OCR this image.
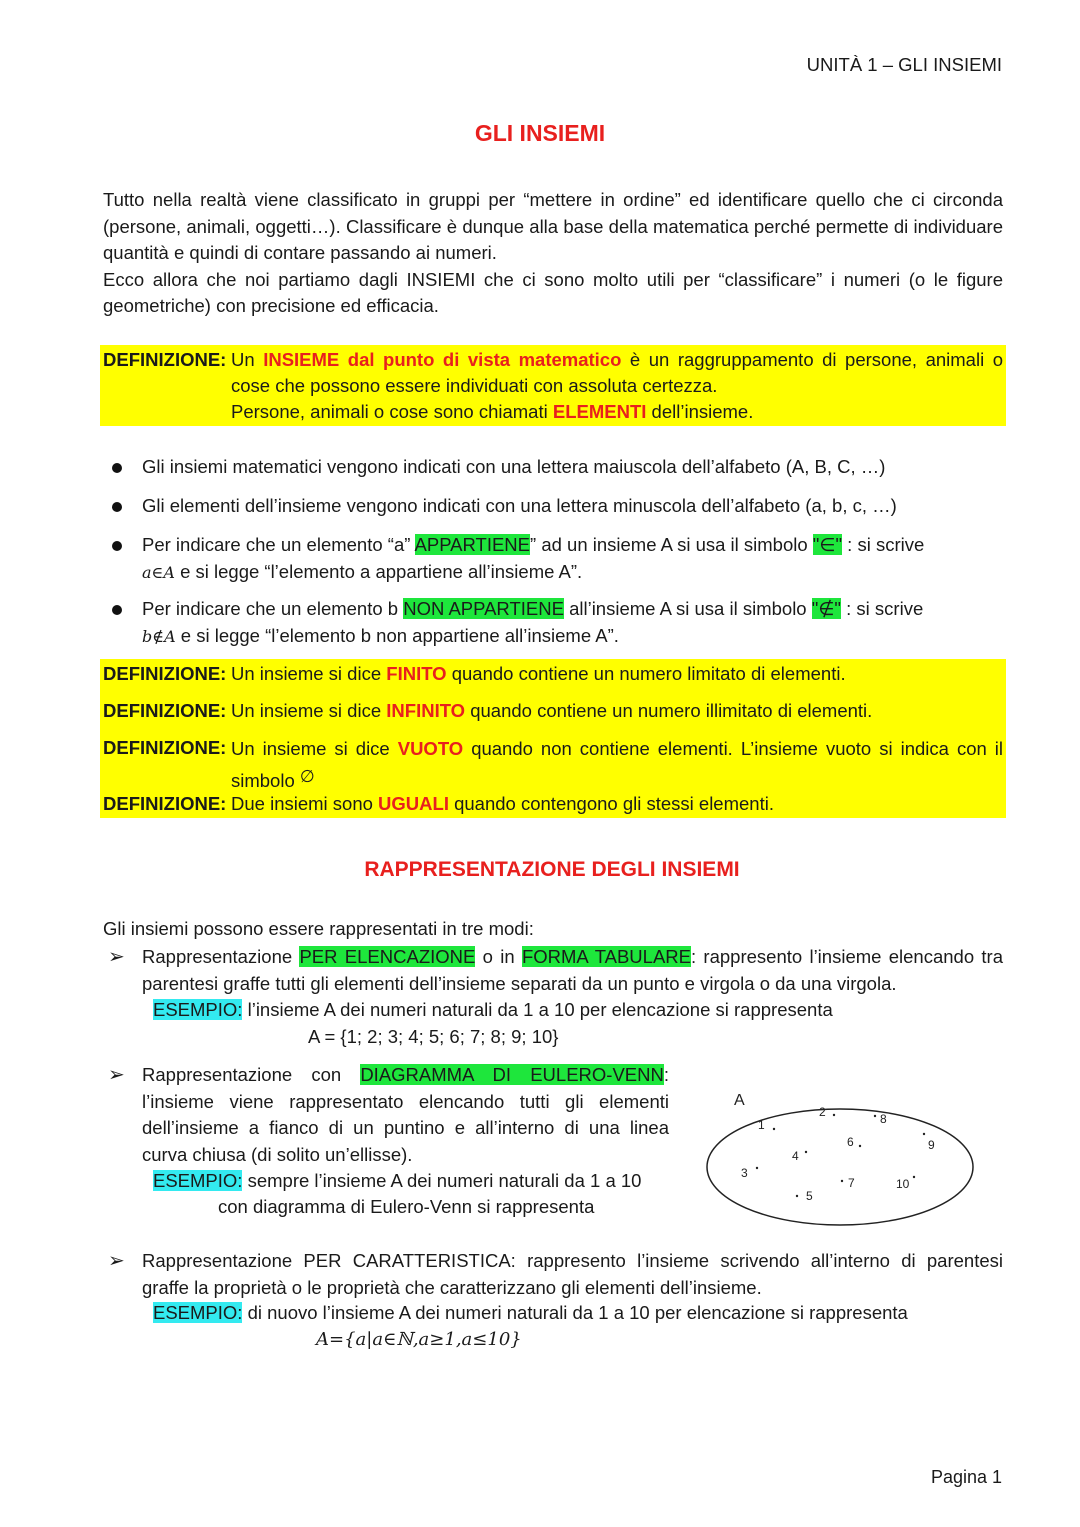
UNITÀ 1 – GLI INSIEMI
GLI INSIEMI

Tutto nella realtà viene classificato in gruppi per “mettere in ordine” ed identificare quello che ci circonda (persone, animali, oggetti…). Classificare è dunque alla base della matematica perché permette di individuare quantità e quindi di contare passando ai numeri.

Ecco allora che noi partiamo dagli INSIEMI che ci sono molto utili per “classificare” i numeri (o le figure geometriche) con precisione ed efficacia.

DEFINIZIONE: Un INSIEME dal punto di vista matematico è un raggruppamento di persone, animali o cose che possono essere individuati con assoluta certezza.
Persone, animali o cose sono chiamati ELEMENTI dell’insieme.
Gli insiemi matematici vengono indicati con una lettera maiuscola dell’alfabeto (A, B, C, …)
Gli elementi dell’insieme vengono indicati con una lettera minuscola dell’alfabeto (a, b, c, …)
Per indicare che un elemento “a” APPARTIENE” ad un insieme A si usa il simbolo "∈" : si scrive
a∈A e si legge “l’elemento a appartiene all’insieme A”.
Per indicare che un elemento b NON APPARTIENE all’insieme A si usa il simbolo "∉" : si scrive
b∉A e si legge “l’elemento b non appartiene all’insieme A”.
DEFINIZIONE: Un insieme si dice FINITO quando contiene un numero limitato di elementi.
DEFINIZIONE: Un insieme si dice INFINITO quando contiene un numero illimitato di elementi.
DEFINIZIONE: Un insieme si dice VUOTO quando non contiene elementi. L’insieme vuoto si indica con il simbolo ∅
DEFINIZIONE: Due insiemi sono UGUALI quando contengono gli stessi elementi.
RAPPRESENTAZIONE DEGLI INSIEMI
Gli insiemi possono essere rappresentati in tre modi:
➢ Rappresentazione PER ELENCAZIONE o in FORMA TABULARE: rappresento l’insieme elencando tra parentesi graffe tutti gli elementi dell’insieme separati da un punto e virgola o da una virgola.
ESEMPIO: l’insieme A dei numeri naturali da 1 a 10 per elencazione si rappresenta
A = {1; 2; 3; 4; 5; 6; 7; 8; 9; 10}
➢ Rappresentazione con DIAGRAMMA DI EULERO-VENN: l’insieme viene rappresentato elencando tutti gli elementi dell’insieme a fianco di un puntino e all’interno di una linea curva chiusa (di solito un’ellisse).
ESEMPIO: sempre l’insieme A dei numeri naturali da 1 a 10
con diagramma di Eulero-Venn si rappresenta
A
1
2	8
6	9
4
3
7	10
5
➢ Rappresentazione PER CARATTERISTICA: rappresento l’insieme scrivendo all’interno di parentesi graffe la proprietà o le proprietà che caratterizzano gli elementi dell’insieme.
ESEMPIO: di nuovo l’insieme A dei numeri naturali da 1 a 10 per elencazione si rappresenta
A={a|a∈ℕ,a≥1,a≤10}
Pagina 1
